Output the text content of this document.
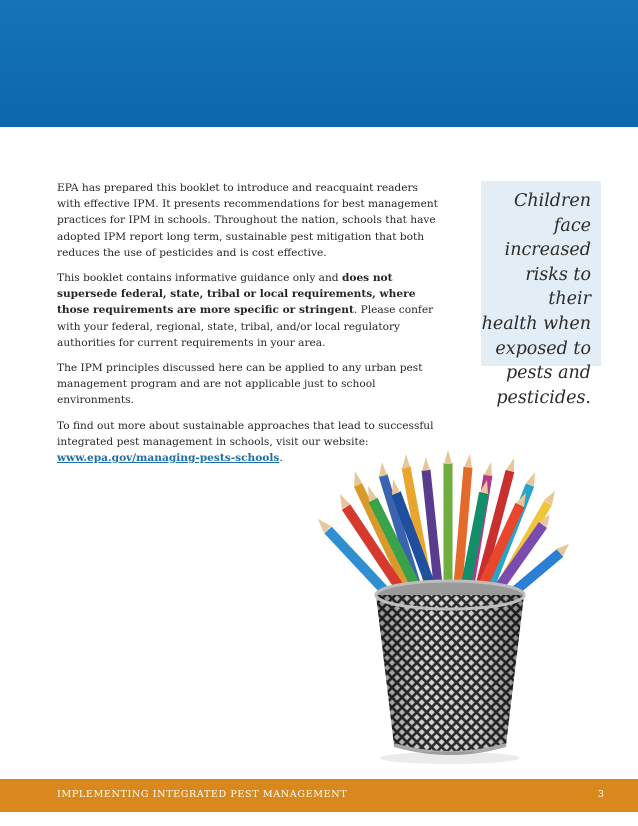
EPA has prepared this booklet to introduce and reacquaint readers with effective IPM. It presents recommendations for best management practices for IPM in schools. Throughout the nation, schools that have adopted IPM report long term, sustainable pest mitigation that both reduces the use of pesticides and is cost effective.

This booklet contains informative guidance only and does not supersede federal, state, tribal or local requirements, where those requirements are more specific or stringent. Please confer with your federal, regional, state, tribal, and/or local regulatory authorities for current requirements in your area.

The IPM principles discussed here can be applied to any urban pest management program and are not applicable just to school environments.

To find out more about sustainable approaches that lead to successful integrated pest management in schools, visit our website: www.epa.gov/managing-pests-schools.

Children face
increased
risks to their
health when
exposed to
pests and
pesticides.
IMPLEMENTING INTEGRATED PEST MANAGEMENT	3
